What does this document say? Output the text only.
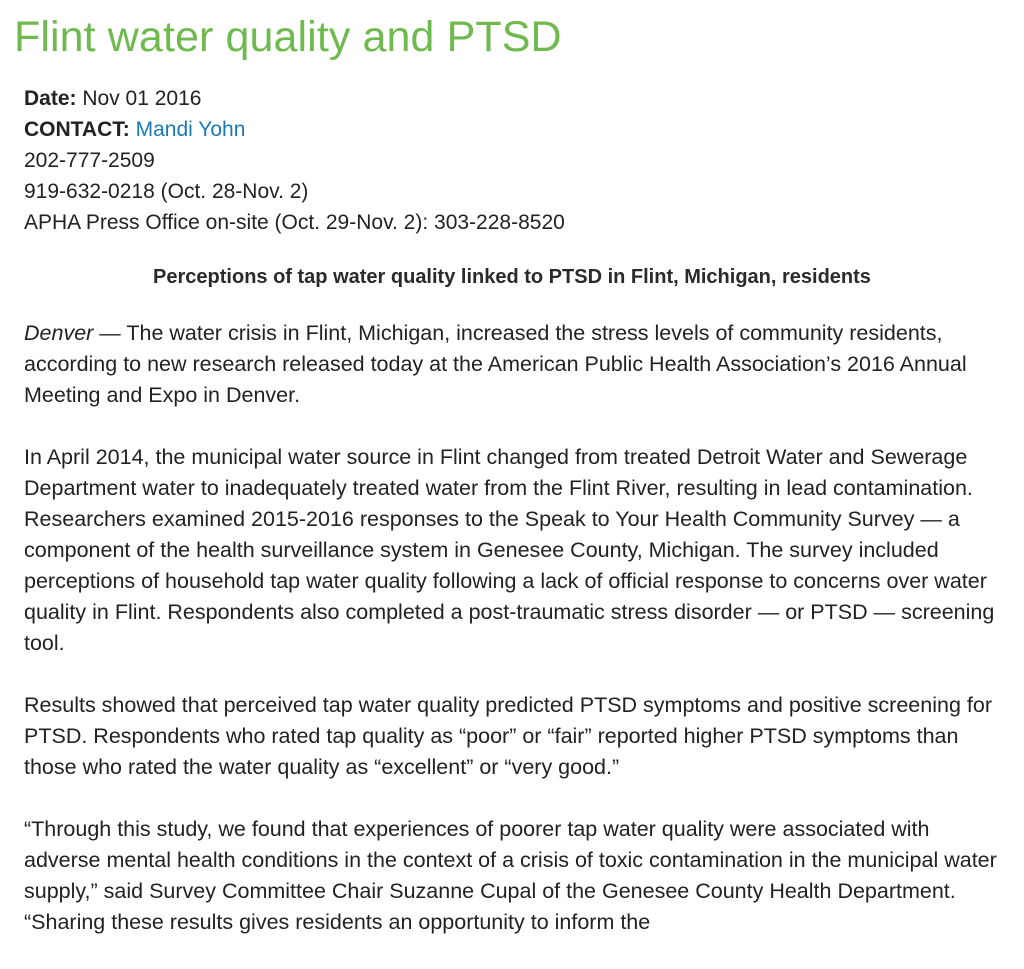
Flint water quality and PTSD
Date: Nov 01 2016
CONTACT: Mandi Yohn
202-777-2509
919-632-0218 (Oct. 28-Nov. 2)
APHA Press Office on-site (Oct. 29-Nov. 2): 303-228-8520
Perceptions of tap water quality linked to PTSD in Flint, Michigan, residents

Denver — The water crisis in Flint, Michigan, increased the stress levels of community residents, according to new research released today at the American Public Health Association’s 2016 Annual Meeting and Expo in Denver.

In April 2014, the municipal water source in Flint changed from treated Detroit Water and Sewerage Department water to inadequately treated water from the Flint River, resulting in lead contamination. Researchers examined 2015-2016 responses to the Speak to Your Health Community Survey — a component of the health surveillance system in Genesee County, Michigan. The survey included perceptions of household tap water quality following a lack of official response to concerns over water quality in Flint. Respondents also completed a post-traumatic stress disorder — or PTSD — screening tool.

Results showed that perceived tap water quality predicted PTSD symptoms and positive screening for PTSD. Respondents who rated tap quality as “poor” or “fair” reported higher PTSD symptoms than those who rated the water quality as “excellent” or “very good.”

“Through this study, we found that experiences of poorer tap water quality were associated with adverse mental health conditions in the context of a crisis of toxic contamination in the municipal water supply,” said Survey Committee Chair Suzanne Cupal of the Genesee County Health Department. “Sharing these results gives residents an opportunity to inform the
